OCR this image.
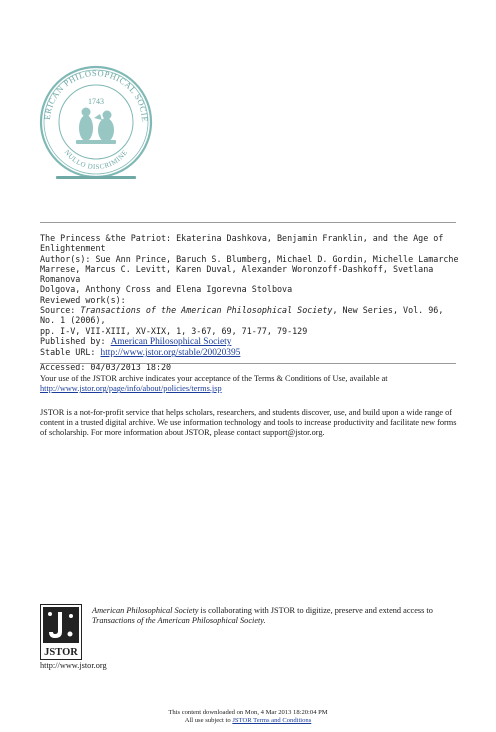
ERICAN PHILOSOPHICAL SOCIE
NULLO DISCRIMINE
1743
The Princess &the Patriot: Ekaterina Dashkova, Benjamin Franklin, and the Age of
Enlightenment
Author(s): Sue Ann Prince, Baruch S. Blumberg, Michael D. Gordin, Michelle Lamarche
Marrese, Marcus C. Levitt, Karen Duval, Alexander Woronzoff-Dashkoff, Svetlana Romanova
Dolgova, Anthony Cross and Elena Igorevna Stolbova
Reviewed work(s):
Source: Transactions of the American Philosophical Society, New Series, Vol. 96, No. 1 (2006),
pp. I-V, VII-XIII, XV-XIX, 1, 3-67, 69, 71-77, 79-129
Published by: American Philosophical Society
Stable URL: http://www.jstor.org/stable/20020395
Accessed: 04/03/2013 18:20
Your use of the JSTOR archive indicates your acceptance of the Terms & Conditions of Use, available at
http://www.jstor.org/page/info/about/policies/terms.jsp
JSTOR is a not-for-profit service that helps scholars, researchers, and students discover, use, and build upon a wide range of
content in a trusted digital archive. We use information technology and tools to increase productivity and facilitate new forms
of scholarship. For more information about JSTOR, please contact support@jstor.org.
JSTOR
American Philosophical Society is collaborating with JSTOR to digitize, preserve and extend access to
Transactions of the American Philosophical Society.
http://www.jstor.org
This content downloaded on Mon, 4 Mar 2013 18:20:04 PM
All use subject to JSTOR Terms and Conditions
